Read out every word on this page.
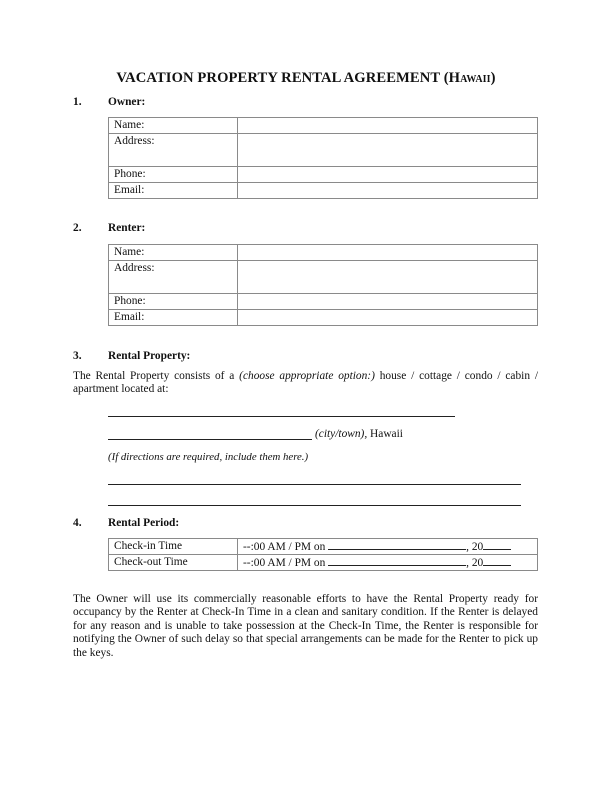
VACATION PROPERTY RENTAL AGREEMENT (Hawaii)
1. Owner:
Name:	
Address:	
Phone:	
Email:	
2. Renter:
Name:	
Address:	
Phone:	
Email:	
3. Rental Property:
The Rental Property consists of a (choose appropriate option:) house / cottage / condo / cabin / apartment located at:
(city/town), Hawaii
(If directions are required, include them here.)
4. Rental Period:
Check-in Time	--:00 AM / PM on , 20
Check-out Time	--:00 AM / PM on , 20
The Owner will use its commercially reasonable efforts to have the Rental Property ready for occupancy by the Renter at Check-In Time in a clean and sanitary condition. If the Renter is delayed for any reason and is unable to take possession at the Check-In Time, the Renter is responsible for notifying the Owner of such delay so that special arrangements can be made for the Renter to pick up the keys.
